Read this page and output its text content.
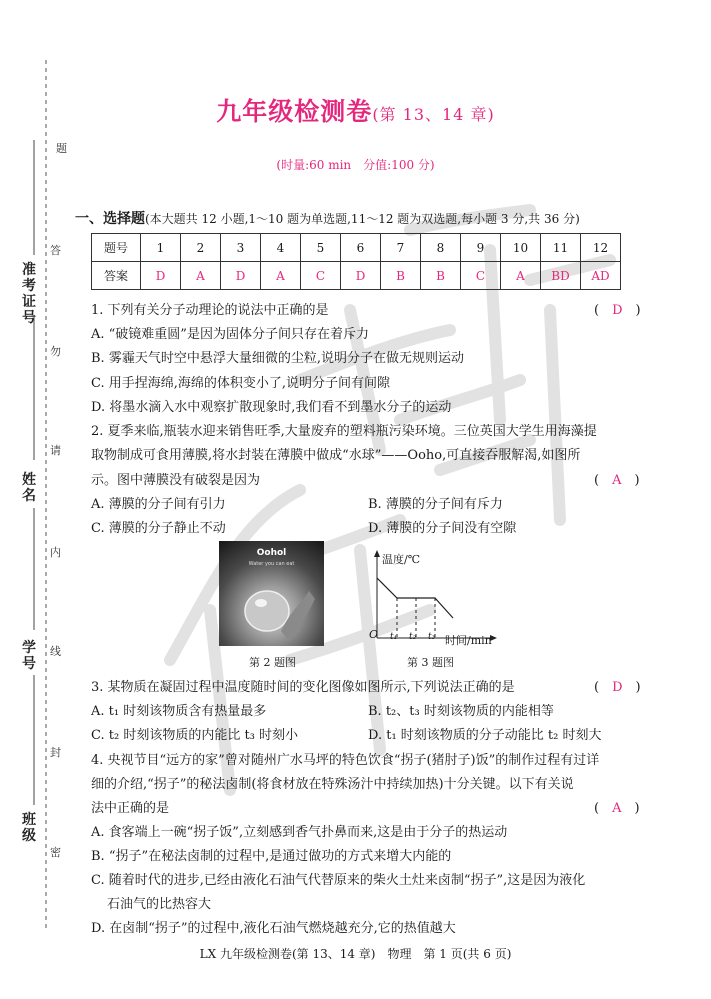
题
答
勿
请
内
线
封
密
准考证号
姓名
学号
班级
九年级检测卷(第 13、14 章)
(时量:60 min　分值:100 分)
一、选择题(本大题共 12 小题,1～10 题为单选题,11～12 题为双选题,每小题 3 分,共 36 分)
题号	1	2	3	4	5	6	7	8	9	10	11	12
答案	D	A	D	A	C	D	B	B	C	A	BD	AD
1. 下列有关分子动理论的说法中正确的是	(　D　)
A. “破镜难重圆”是因为固体分子间只存在着斥力
B. 雾霾天气时空中悬浮大量细微的尘粒,说明分子在做无规则运动
C. 用手捏海绵,海绵的体积变小了,说明分子间有间隙
D. 将墨水滴入水中观察扩散现象时,我们看不到墨水分子的运动
2. 夏季来临,瓶装水迎来销售旺季,大量废弃的塑料瓶污染环境。三位英国大学生用海藻提
取物制成可食用薄膜,将水封装在薄膜中做成“水球”——Ooho,可直接吞服解渴,如图所
示。图中薄膜没有破裂是因为	(　A　)
A. 薄膜的分子间有引力	B. 薄膜的分子间有斥力
C. 薄膜的分子静止不动	D. 薄膜的分子间没有空隙
Oohol
Water you can eat
第 2 题图
温度/℃
O t₁ t₂ t₃ 时间/min
第 3 题图
3. 某物质在凝固过程中温度随时间的变化图像如图所示,下列说法正确的是	(　D　)
A. t₁ 时刻该物质含有热量最多	B. t₂、t₃ 时刻该物质的内能相等
C. t₂ 时刻该物质的内能比 t₃ 时刻小	D. t₁ 时刻该物质的分子动能比 t₂ 时刻大
4. 央视节目“远方的家”曾对随州广水马坪的特色饮食“拐子(猪肘子)饭”的制作过程有过详
细的介绍,“拐子”的秘法卤制(将食材放在特殊汤汁中持续加热)十分关键。以下有关说
法中正确的是	(　A　)
A. 食客端上一碗“拐子饭”,立刻感到香气扑鼻而来,这是由于分子的热运动
B. “拐子”在秘法卤制的过程中,是通过做功的方式来增大内能的
C. 随着时代的进步,已经由液化石油气代替原来的柴火土灶来卤制“拐子”,这是因为液化
石油气的比热容大
D. 在卤制“拐子”的过程中,液化石油气燃烧越充分,它的热值越大
LX 九年级检测卷(第 13、14 章)　物理　第 1 页(共 6 页)
